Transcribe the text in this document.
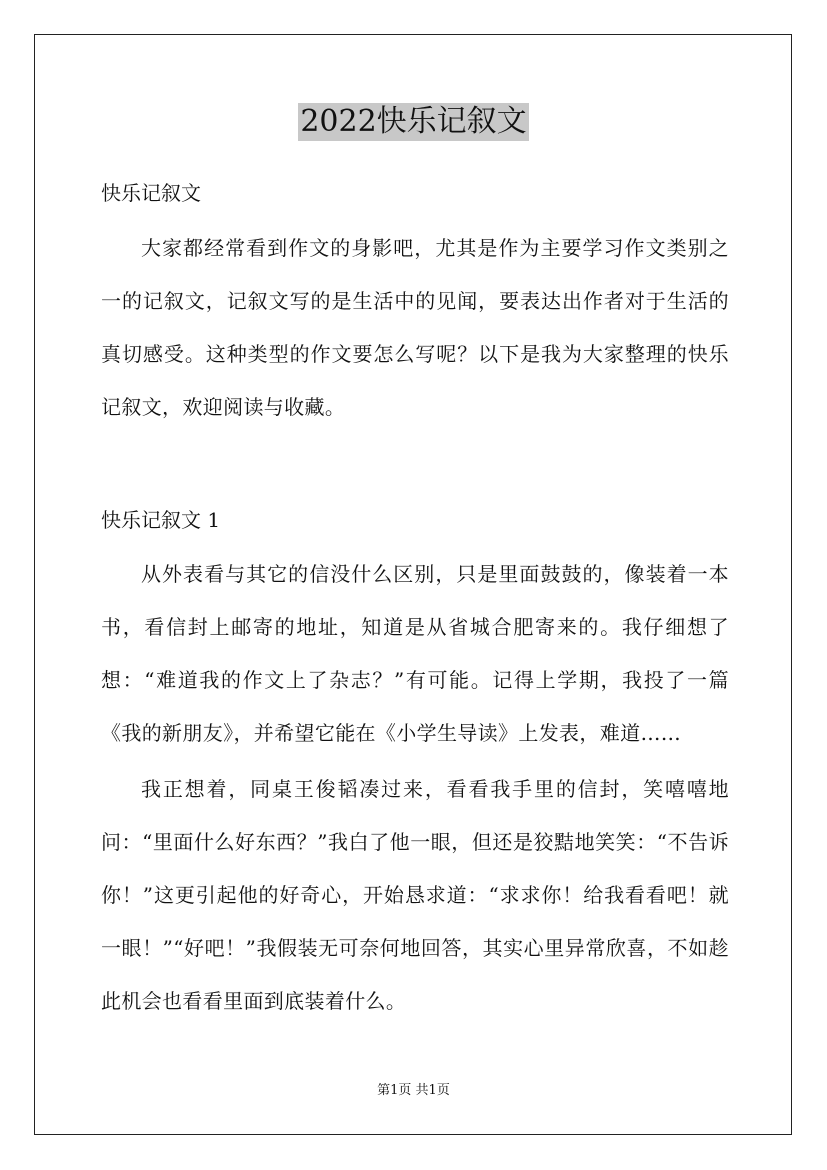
2022快乐记叙文
快乐记叙文

大家都经常看到作文的身影吧，尤其是作为主要学习作文类别之一的记叙文，记叙文写的是生活中的见闻，要表达出作者对于生活的真切感受。这种类型的作文要怎么写呢？以下是我为大家整理的快乐记叙文，欢迎阅读与收藏。

快乐记叙文 1

从外表看与其它的信没什么区别，只是里面鼓鼓的，像装着一本书，看信封上邮寄的地址，知道是从省城合肥寄来的。我仔细想了想：“难道我的作文上了杂志？”有可能。记得上学期，我投了一篇《我的新朋友》，并希望它能在《小学生导读》上发表，难道……

我正想着，同桌王俊韬凑过来，看看我手里的信封，笑嘻嘻地问：“里面什么好东西？”我白了他一眼，但还是狡黠地笑笑：“不告诉你！”这更引起他的好奇心，开始恳求道：“求求你！给我看看吧！就一眼！”“好吧！”我假装无可奈何地回答，其实心里异常欣喜，不如趁此机会也看看里面到底装着什么。

第1页 共1页
